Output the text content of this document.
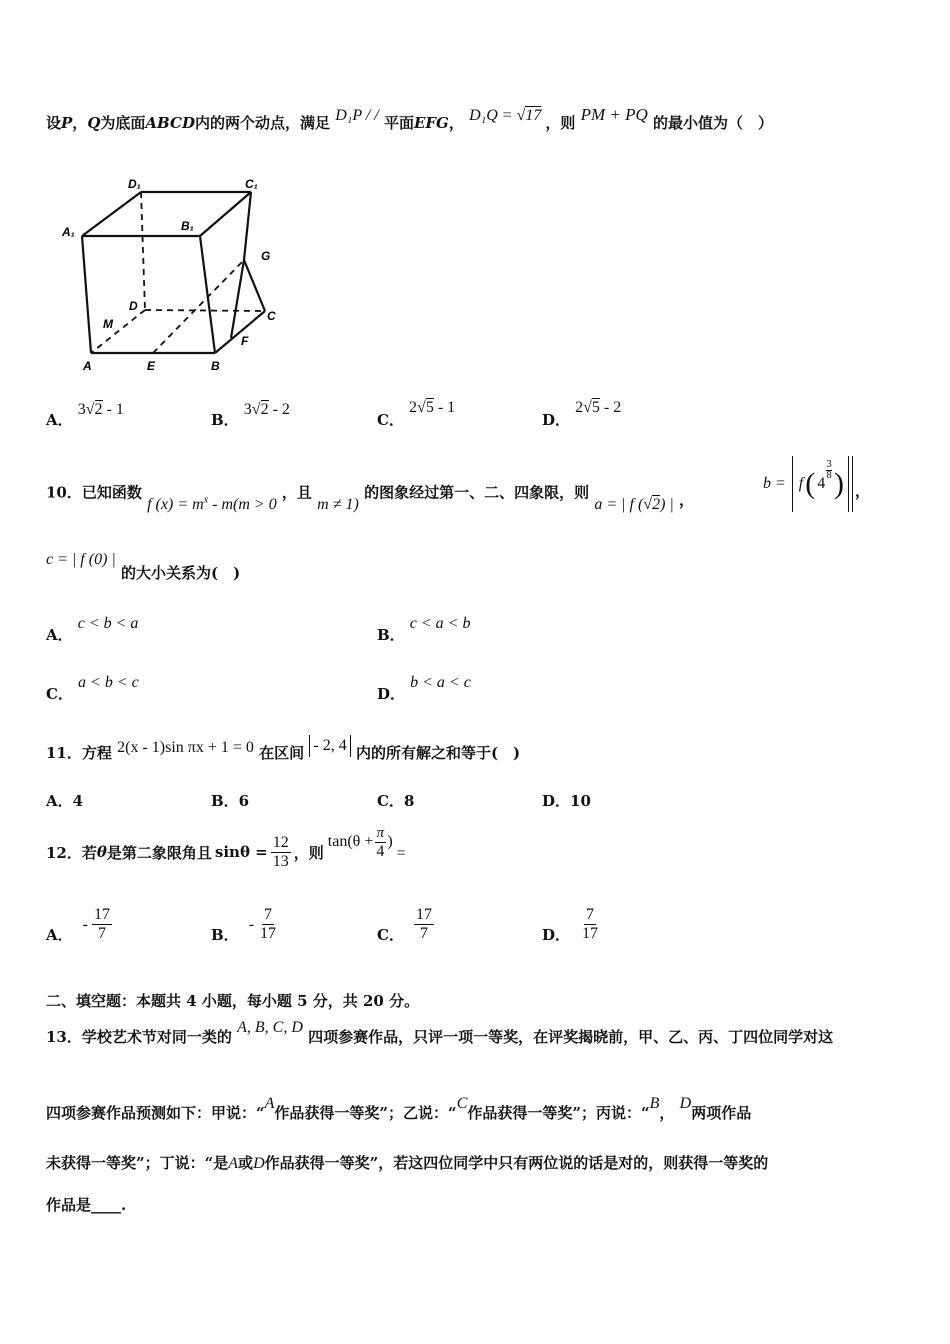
设P，Q为底面ABCD内的两个动点，满足 D₁P / / 平面EFG， D₁Q = √17 ，则 PM + PQ 的最小值为（　）
D₁	C₁
A₁	B₁
G
D
M
C
F
A	E	B
A． 3√2 - 1
B． 3√2 - 2
C． 2√5 - 1
D． 2√5 - 2
10．已知函数 f $(x) = m^x - m(m > 0$ ，且 m ≠ 1) 的图象经过第一、二、四象限，则 a = | f (√2) | ，
b = f ( 4
3
8 ) ，
c = | f (0) | 的大小关系为(　)
A． c < b < a
B． c < a < b
C． a < b < c
D． b < a < c
11．方程 2(x - 1)sin πx + 1 = 0 在区间 - 2, 4 内的所有解之和等于(　)
A．4	B．6	C．8	D．10
12．若 θ 是第二象限角且 $\sin\theta = \frac{12}{13}$ ，则
$\tan(\theta + \frac{\pi}{4}$ )
=
A．
- $\frac{17}{7}$	B．
- $\frac{7}{17}$	C． $\frac{17}{7}$	D． $\frac{7}{17}$
二、填空题：本题共 4 小题，每小题 5 分，共 20 分。
13．学校艺术节对同一类的 A, B, C, D 四项参赛作品，只评一项一等奖，在评奖揭晓前，甲、乙、丙、丁四位同学对这
四项参赛作品预测如下：甲说：“A作品获得一等奖”；乙说：“C作品获得一等奖”；丙说：“B， D两项作品
未获得一等奖”；丁说：“是A或D作品获得一等奖”，若这四位同学中只有两位说的话是对的，则获得一等奖的
作品是____.
